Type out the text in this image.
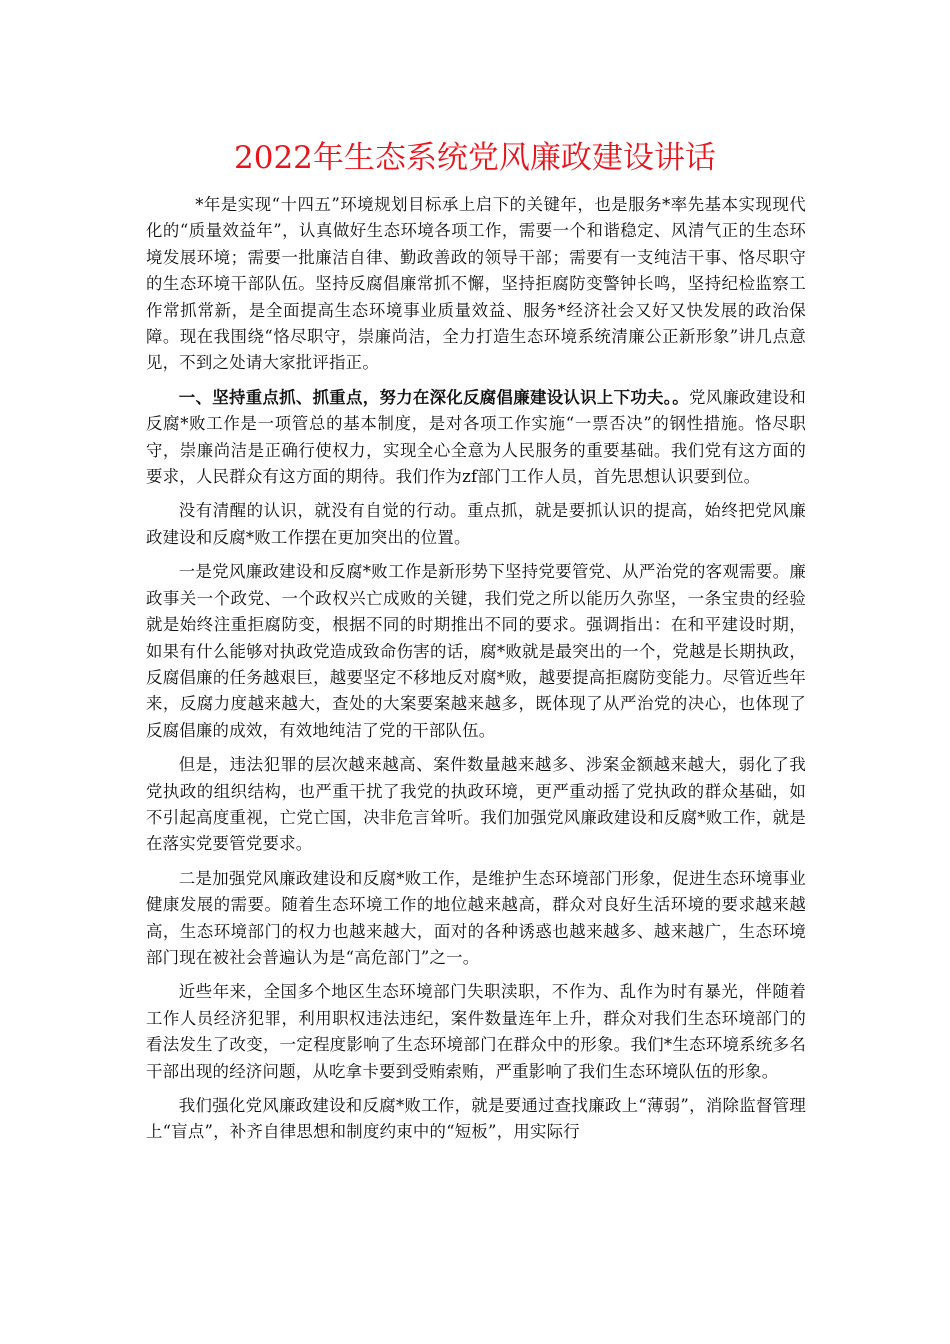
2022年生态系统党风廉政建设讲话

*年是实现“十四五”环境规划目标承上启下的关键年，也是服务*率先基本实现现代化的“质量效益年”，认真做好生态环境各项工作，需要一个和谐稳定、风清气正的生态环境发展环境；需要一批廉洁自律、勤政善政的领导干部；需要有一支纯洁干事、恪尽职守的生态环境干部队伍。坚持反腐倡廉常抓不懈，坚持拒腐防变警钟长鸣，坚持纪检监察工作常抓常新，是全面提高生态环境事业质量效益、服务*经济社会又好又快发展的政治保障。现在我围绕“恪尽职守，崇廉尚洁，全力打造生态环境系统清廉公正新形象”讲几点意见，不到之处请大家批评指正。

一、坚持重点抓、抓重点，努力在深化反腐倡廉建设认识上下功夫。。党风廉政建设和反腐*败工作是一项管总的基本制度，是对各项工作实施“一票否决”的钢性措施。恪尽职守，崇廉尚洁是正确行使权力，实现全心全意为人民服务的重要基础。我们党有这方面的要求，人民群众有这方面的期待。我们作为zf部门工作人员，首先思想认识要到位。

没有清醒的认识，就没有自觉的行动。重点抓，就是要抓认识的提高，始终把党风廉政建设和反腐*败工作摆在更加突出的位置。

一是党风廉政建设和反腐*败工作是新形势下坚持党要管党、从严治党的客观需要。廉政事关一个政党、一个政权兴亡成败的关键，我们党之所以能历久弥坚，一条宝贵的经验就是始终注重拒腐防变，根据不同的时期推出不同的要求。强调指出：在和平建设时期，如果有什么能够对执政党造成致命伤害的话，腐*败就是最突出的一个，党越是长期执政，反腐倡廉的任务越艰巨，越要坚定不移地反对腐*败，越要提高拒腐防变能力。尽管近些年来，反腐力度越来越大，查处的大案要案越来越多，既体现了从严治党的决心，也体现了反腐倡廉的成效，有效地纯洁了党的干部队伍。

但是，违法犯罪的层次越来越高、案件数量越来越多、涉案金额越来越大，弱化了我党执政的组织结构，也严重干扰了我党的执政环境，更严重动摇了党执政的群众基础，如不引起高度重视，亡党亡国，决非危言耸听。我们加强党风廉政建设和反腐*败工作，就是在落实党要管党要求。

二是加强党风廉政建设和反腐*败工作，是维护生态环境部门形象，促进生态环境事业健康发展的需要。随着生态环境工作的地位越来越高，群众对良好生活环境的要求越来越高，生态环境部门的权力也越来越大，面对的各种诱惑也越来越多、越来越广，生态环境部门现在被社会普遍认为是“高危部门”之一。

近些年来，全国多个地区生态环境部门失职渎职，不作为、乱作为时有暴光，伴随着工作人员经济犯罪，利用职权违法违纪，案件数量连年上升，群众对我们生态环境部门的看法发生了改变，一定程度影响了生态环境部门在群众中的形象。我们*生态环境系统多名干部出现的经济问题，从吃拿卡要到受贿索贿，严重影响了我们生态环境队伍的形象。

我们强化党风廉政建设和反腐*败工作，就是要通过查找廉政上“薄弱”，消除监督管理上“盲点”，补齐自律思想和制度约束中的“短板”，用实际行
